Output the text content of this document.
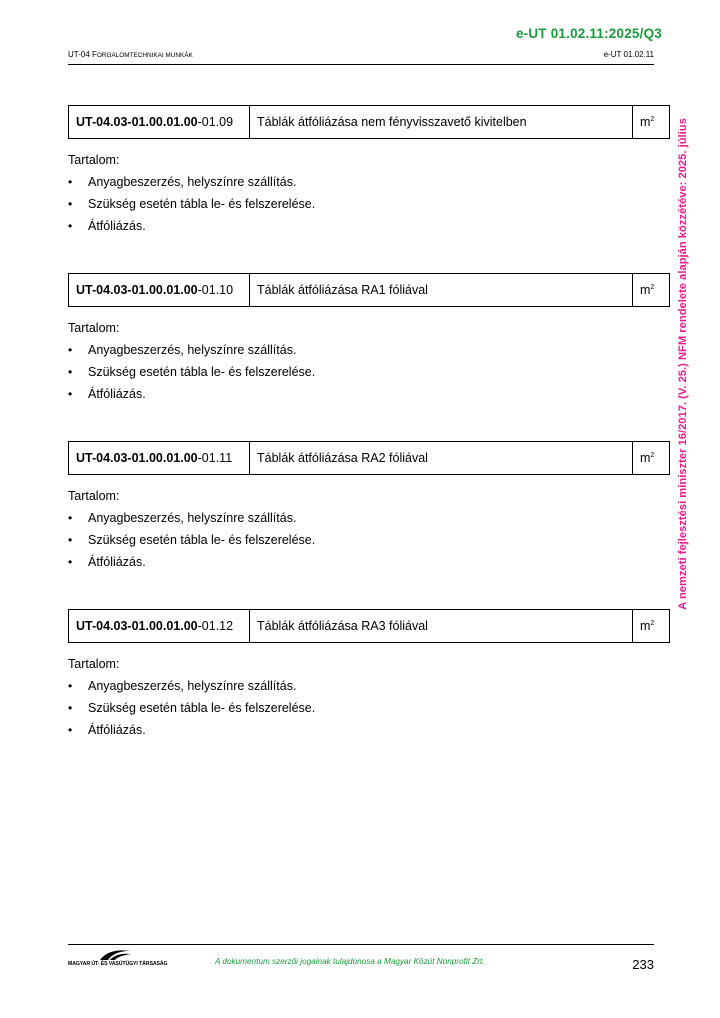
e-UT 01.02.11:2025/Q3
UT-04 FORGALOMTECHNIKAI MUNKÁK	e-UT 01.02.11
A nemzeti fejlesztési miniszter 16/2017. (V. 25.) NFM rendelete alapján közzétéve: 2025. július
UT-04.03-01.00.01.00-01.09	Táblák átfóliázása nem fényvisszavető kivitelben	$m^2$

Tartalom:

• Anyagbeszerzés, helyszínre szállítás.
• Szükség esetén tábla le- és felszerelése.
• Átfóliázás.
UT-04.03-01.00.01.00-01.10	Táblák átfóliázása RA1 fóliával	$m^2$

Tartalom:

• Anyagbeszerzés, helyszínre szállítás.
• Szükség esetén tábla le- és felszerelése.
• Átfóliázás.
UT-04.03-01.00.01.00-01.11	Táblák átfóliázása RA2 fóliával	$m^2$

Tartalom:

• Anyagbeszerzés, helyszínre szállítás.
• Szükség esetén tábla le- és felszerelése.
• Átfóliázás.
UT-04.03-01.00.01.00-01.12	Táblák átfóliázása RA3 fóliával	$m^2$

Tartalom:

• Anyagbeszerzés, helyszínre szállítás.
• Szükség esetén tábla le- és felszerelése.
• Átfóliázás.
MAGYAR ÚT- ÉS VASÚTÜGYI TÁRSASÁG	A dokumentum szerzői jogainak tulajdonosa a Magyar Közút Nonprofit Zrt.	233
